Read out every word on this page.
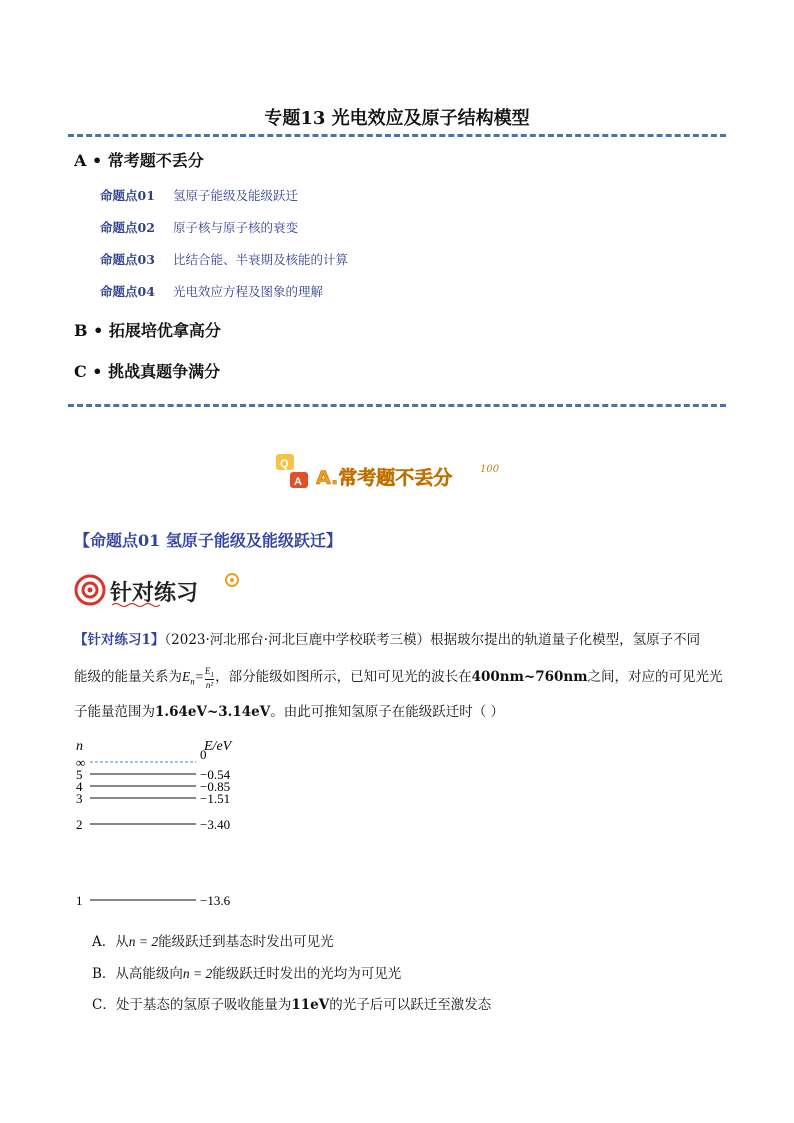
专题13 光电效应及原子结构模型
A • 常考题不丢分
命题点01 氢原子能级及能级跃迁
命题点02 原子核与原子核的衰变
命题点03 比结合能、半衰期及核能的计算
命题点04 光电效应方程及图象的理解
B • 拓展培优拿高分
C • 挑战真题争满分
Q
A A.常考题不丢分	100
【命题点01 氢原子能级及能级跃迁】
针对练习
【针对练习1】（2023·河北邢台·河北巨鹿中学校联考三模）根据玻尔提出的轨道量子化模型，氢原子不同
能级的能量关系为$E_n= \frac{E_1}{\text{n²}}$ ，部分能级如图所示，已知可见光的波长在400nm~760nm之间，对应的可见光光
子能量范围为1.64eV~3.14eV。由此可推知氢原子在能级跃迁时（ ）
n	E/eV
∞
0
5	−0.54
4	−0.85
3	−1.51
2	−3.40
1	−13.6
A．从n = 2能级跃迁到基态时发出可见光
B．从高能级向n = 2能级跃迁时发出的光均为可见光
C．处于基态的氢原子吸收能量为11eV的光子后可以跃迁至激发态
